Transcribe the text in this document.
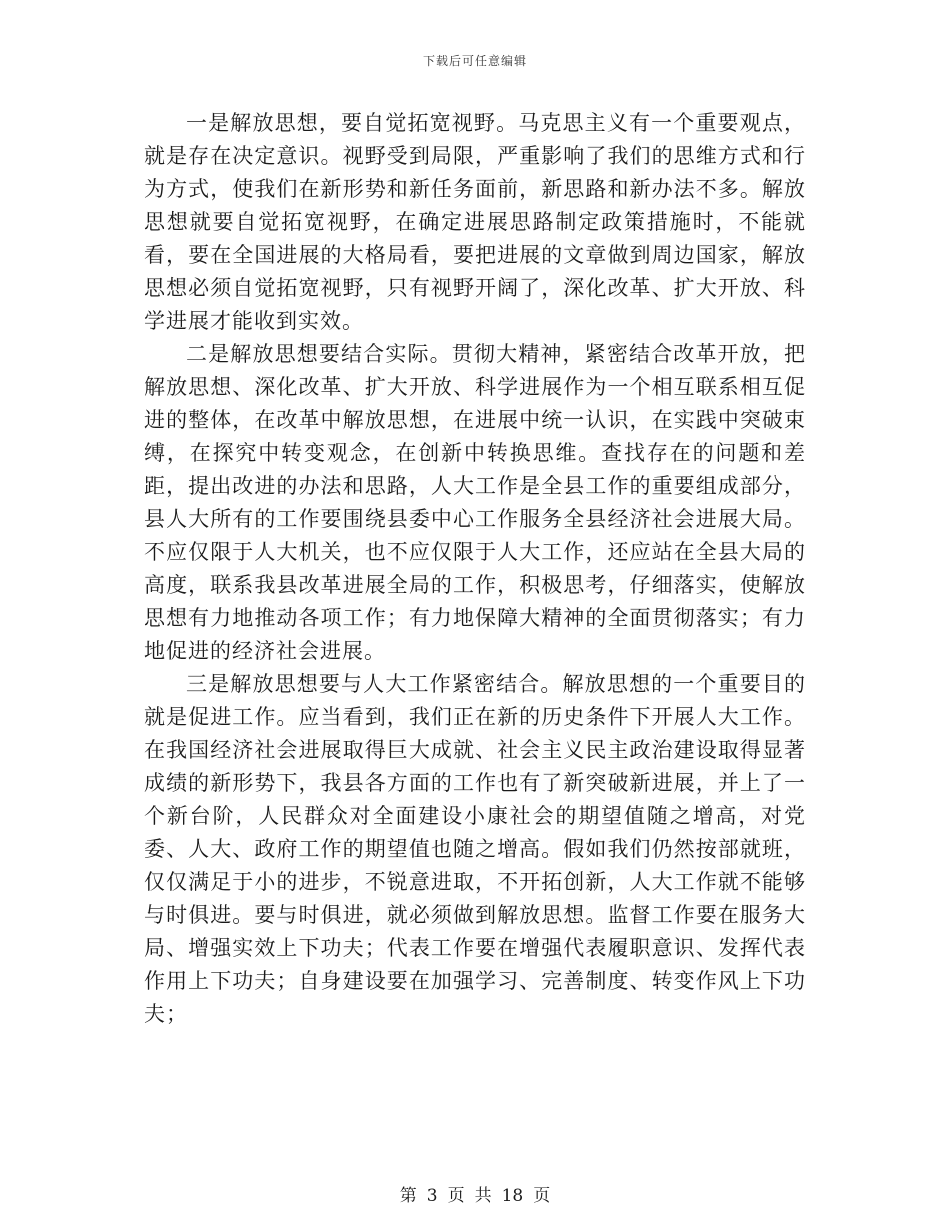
下载后可任意编辑

一是解放思想，要自觉拓宽视野。马克思主义有一个重要观点，就是存在决定意识。视野受到局限，严重影响了我们的思维方式和行为方式，使我们在新形势和新任务面前，新思路和新办法不多。解放思想就要自觉拓宽视野，在确定进展思路制定政策措施时，不能就看，要在全国进展的大格局看，要把进展的文章做到周边国家，解放思想必须自觉拓宽视野，只有视野开阔了，深化改革、扩大开放、科学进展才能收到实效。

二是解放思想要结合实际。贯彻大精神，紧密结合改革开放，把解放思想、深化改革、扩大开放、科学进展作为一个相互联系相互促进的整体，在改革中解放思想，在进展中统一认识，在实践中突破束缚，在探究中转变观念，在创新中转换思维。查找存在的问题和差距，提出改进的办法和思路，人大工作是全县工作的重要组成部分，县人大所有的工作要围绕县委中心工作服务全县经济社会进展大局。不应仅限于人大机关，也不应仅限于人大工作，还应站在全县大局的高度，联系我县改革进展全局的工作，积极思考，仔细落实，使解放思想有力地推动各项工作；有力地保障大精神的全面贯彻落实；有力地促进的经济社会进展。

三是解放思想要与人大工作紧密结合。解放思想的一个重要目的就是促进工作。应当看到，我们正在新的历史条件下开展人大工作。在我国经济社会进展取得巨大成就、社会主义民主政治建设取得显著成绩的新形势下，我县各方面的工作也有了新突破新进展，并上了一个新台阶，人民群众对全面建设小康社会的期望值随之增高，对党委、人大、政府工作的期望值也随之增高。假如我们仍然按部就班，仅仅满足于小的进步，不锐意进取，不开拓创新，人大工作就不能够与时俱进。要与时俱进，就必须做到解放思想。监督工作要在服务大局、增强实效上下功夫；代表工作要在增强代表履职意识、发挥代表作用上下功夫；自身建设要在加强学习、完善制度、转变作风上下功夫；

第 3 页 共 18 页
